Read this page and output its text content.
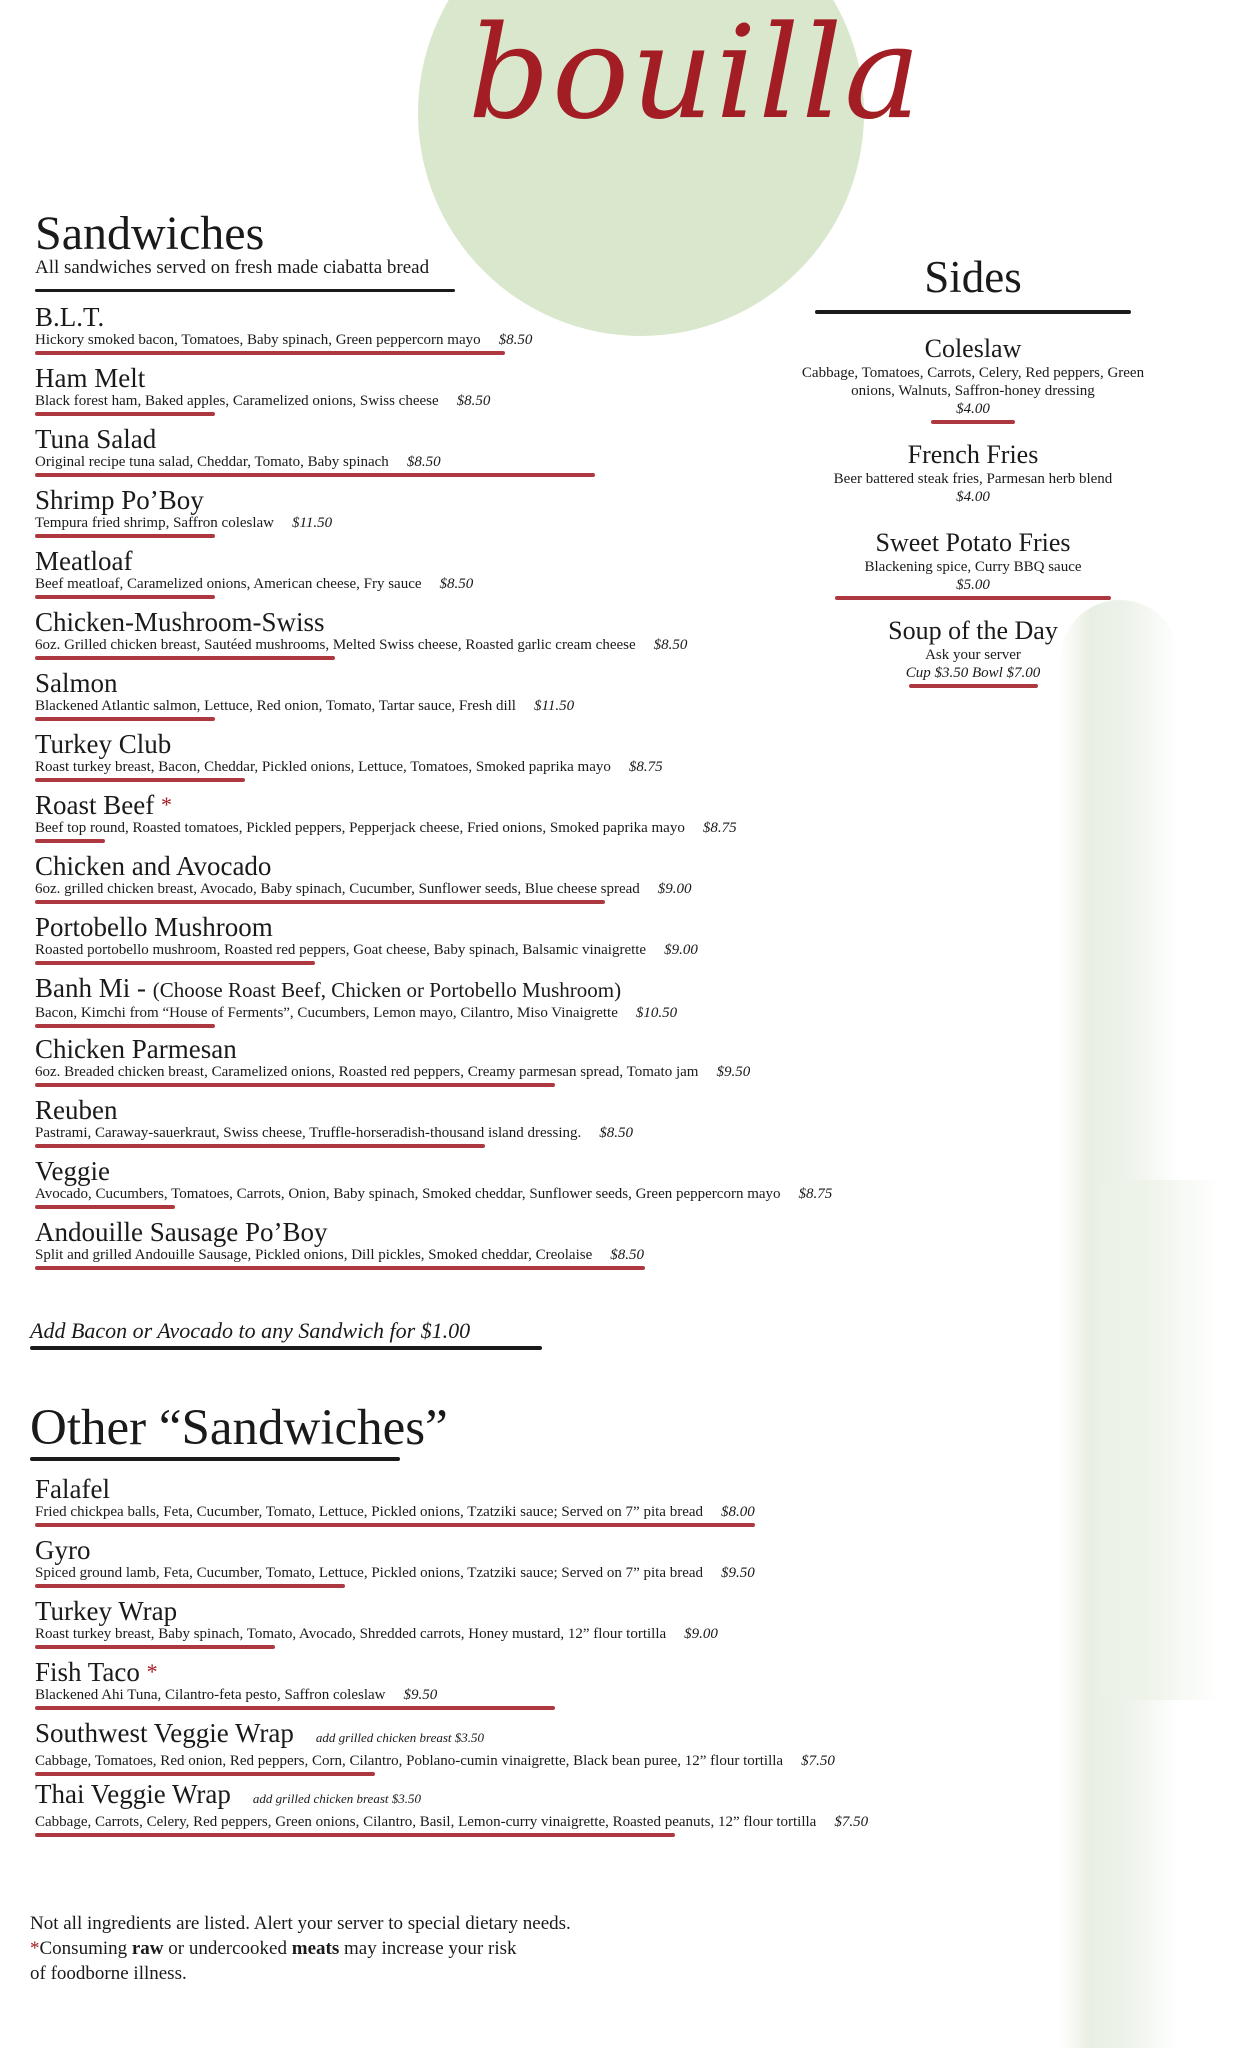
bouilla
Sandwiches
All sandwiches served on fresh made ciabatta bread
B.L.T.
Hickory smoked bacon, Tomatoes, Baby spinach, Green peppercorn mayo $8.50
Ham Melt
Black forest ham, Baked apples, Caramelized onions, Swiss cheese $8.50
Tuna Salad
Original recipe tuna salad, Cheddar, Tomato, Baby spinach $8.50
Shrimp Po’Boy
Tempura fried shrimp, Saffron coleslaw $11.50
Meatloaf
Beef meatloaf, Caramelized onions, American cheese, Fry sauce $8.50
Chicken-Mushroom-Swiss
6oz. Grilled chicken breast, Sautéed mushrooms, Melted Swiss cheese, Roasted garlic cream cheese $8.50
Salmon
Blackened Atlantic salmon, Lettuce, Red onion, Tomato, Tartar sauce, Fresh dill $11.50
Turkey Club
Roast turkey breast, Bacon, Cheddar, Pickled onions, Lettuce, Tomatoes, Smoked paprika mayo $8.75
Roast Beef *
Beef top round, Roasted tomatoes, Pickled peppers, Pepperjack cheese, Fried onions, Smoked paprika mayo $8.75
Chicken and Avocado
6oz. grilled chicken breast, Avocado, Baby spinach, Cucumber, Sunflower seeds, Blue cheese spread $9.00
Portobello Mushroom
Roasted portobello mushroom, Roasted red peppers, Goat cheese, Baby spinach, Balsamic vinaigrette $9.00
Banh Mi - (Choose Roast Beef, Chicken or Portobello Mushroom)
Bacon, Kimchi from “House of Ferments”, Cucumbers, Lemon mayo, Cilantro, Miso Vinaigrette $10.50
Chicken Parmesan
6oz. Breaded chicken breast, Caramelized onions, Roasted red peppers, Creamy parmesan spread, Tomato jam $9.50
Reuben
Pastrami, Caraway-sauerkraut, Swiss cheese, Truffle-horseradish-thousand island dressing. $8.50
Veggie
Avocado, Cucumbers, Tomatoes, Carrots, Onion, Baby spinach, Smoked cheddar, Sunflower seeds, Green peppercorn mayo $8.75
Andouille Sausage Po’Boy
Split and grilled Andouille Sausage, Pickled onions, Dill pickles, Smoked cheddar, Creolaise $8.50
Add Bacon or Avocado to any Sandwich for $1.00
Other “Sandwiches”
Falafel
Fried chickpea balls, Feta, Cucumber, Tomato, Lettuce, Pickled onions, Tzatziki sauce; Served on 7” pita bread $8.00
Gyro
Spiced ground lamb, Feta, Cucumber, Tomato, Lettuce, Pickled onions, Tzatziki sauce; Served on 7” pita bread $9.50
Turkey Wrap
Roast turkey breast, Baby spinach, Tomato, Avocado, Shredded carrots, Honey mustard, 12” flour tortilla $9.00
Fish Taco *
Blackened Ahi Tuna, Cilantro-feta pesto, Saffron coleslaw $9.50
Southwest Veggie Wrap add grilled chicken breast $3.50
Cabbage, Tomatoes, Red onion, Red peppers, Corn, Cilantro, Poblano-cumin vinaigrette, Black bean puree, 12” flour tortilla $7.50
Thai Veggie Wrap add grilled chicken breast $3.50
Cabbage, Carrots, Celery, Red peppers, Green onions, Cilantro, Basil, Lemon-curry vinaigrette, Roasted peanuts, 12” flour tortilla $7.50
Sides
Coleslaw
Cabbage, Tomatoes, Carrots, Celery, Red peppers, Green onions, Walnuts, Saffron-honey dressing
$4.00
French Fries
Beer battered steak fries, Parmesan herb blend
$4.00
Sweet Potato Fries
Blackening spice, Curry BBQ sauce
$5.00
Soup of the Day
Ask your server
Cup $3.50 Bowl $7.00
Not all ingredients are listed. Alert your server to special dietary needs.
*Consuming raw or undercooked meats may increase your risk
of foodborne illness.
